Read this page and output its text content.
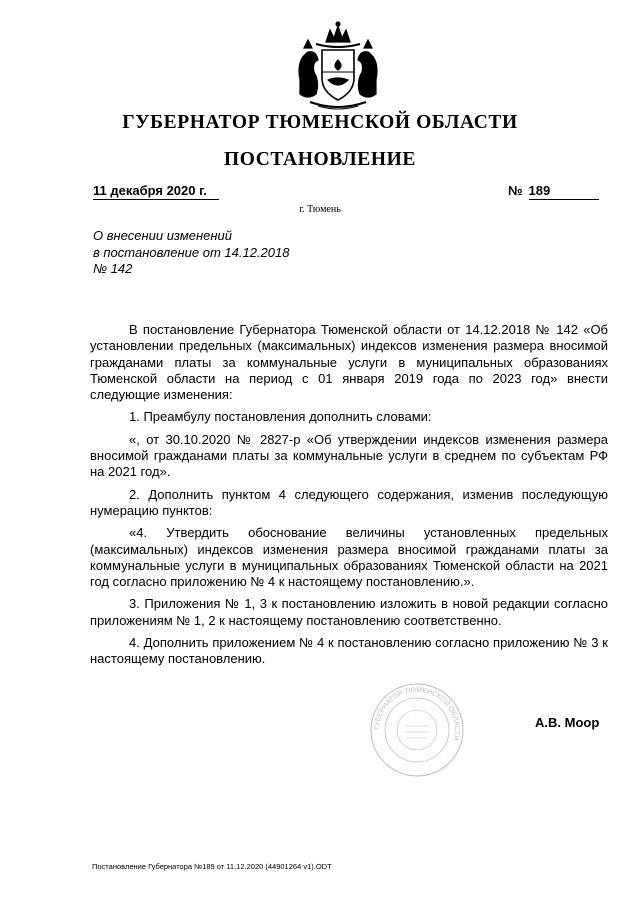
ГУБЕРНАТОР ТЮМЕНСКОЙ ОБЛАСТИ
ПОСТАНОВЛЕНИЕ
11 декабря 2020 г.	№ 189
г. Тюмень
О внесении изменений
в постановление от 14.12.2018
№ 142

В постановление Губернатора Тюменской области от 14.12.2018 № 142 «Об установлении предельных (максимальных) индексов изменения размера вносимой гражданами платы за коммунальные услуги в муниципальных образованиях Тюменской области на период с 01 января 2019 года по 2023 год» внести следующие изменения:

1. Преамбулу постановления дополнить словами:

«, от 30.10.2020 № 2827-р «Об утверждении индексов изменения размера вносимой гражданами платы за коммунальные услуги в среднем по субъектам РФ на 2021 год».

2. Дополнить пунктом 4 следующего содержания, изменив последующую нумерацию пунктов:

«4. Утвердить обоснование величины установленных предельных (максимальных) индексов изменения размера вносимой гражданами платы за коммунальные услуги в муниципальных образованиях Тюменской области на 2021 год согласно приложению № 4 к настоящему постановлению.».

3. Приложения № 1, 3 к постановлению изложить в новой редакции согласно приложениям № 1, 2 к настоящему постановлению соответственно.

4. Дополнить приложением № 4 к постановлению согласно приложению № 3 к настоящему постановлению.

ГУБЕРНАТОР ТЮМЕНСКОЙ ОБЛАСТИ
А.В. Моор
Постановление Губернатора №189 от 11.12.2020 (44901264 v1).ODT
